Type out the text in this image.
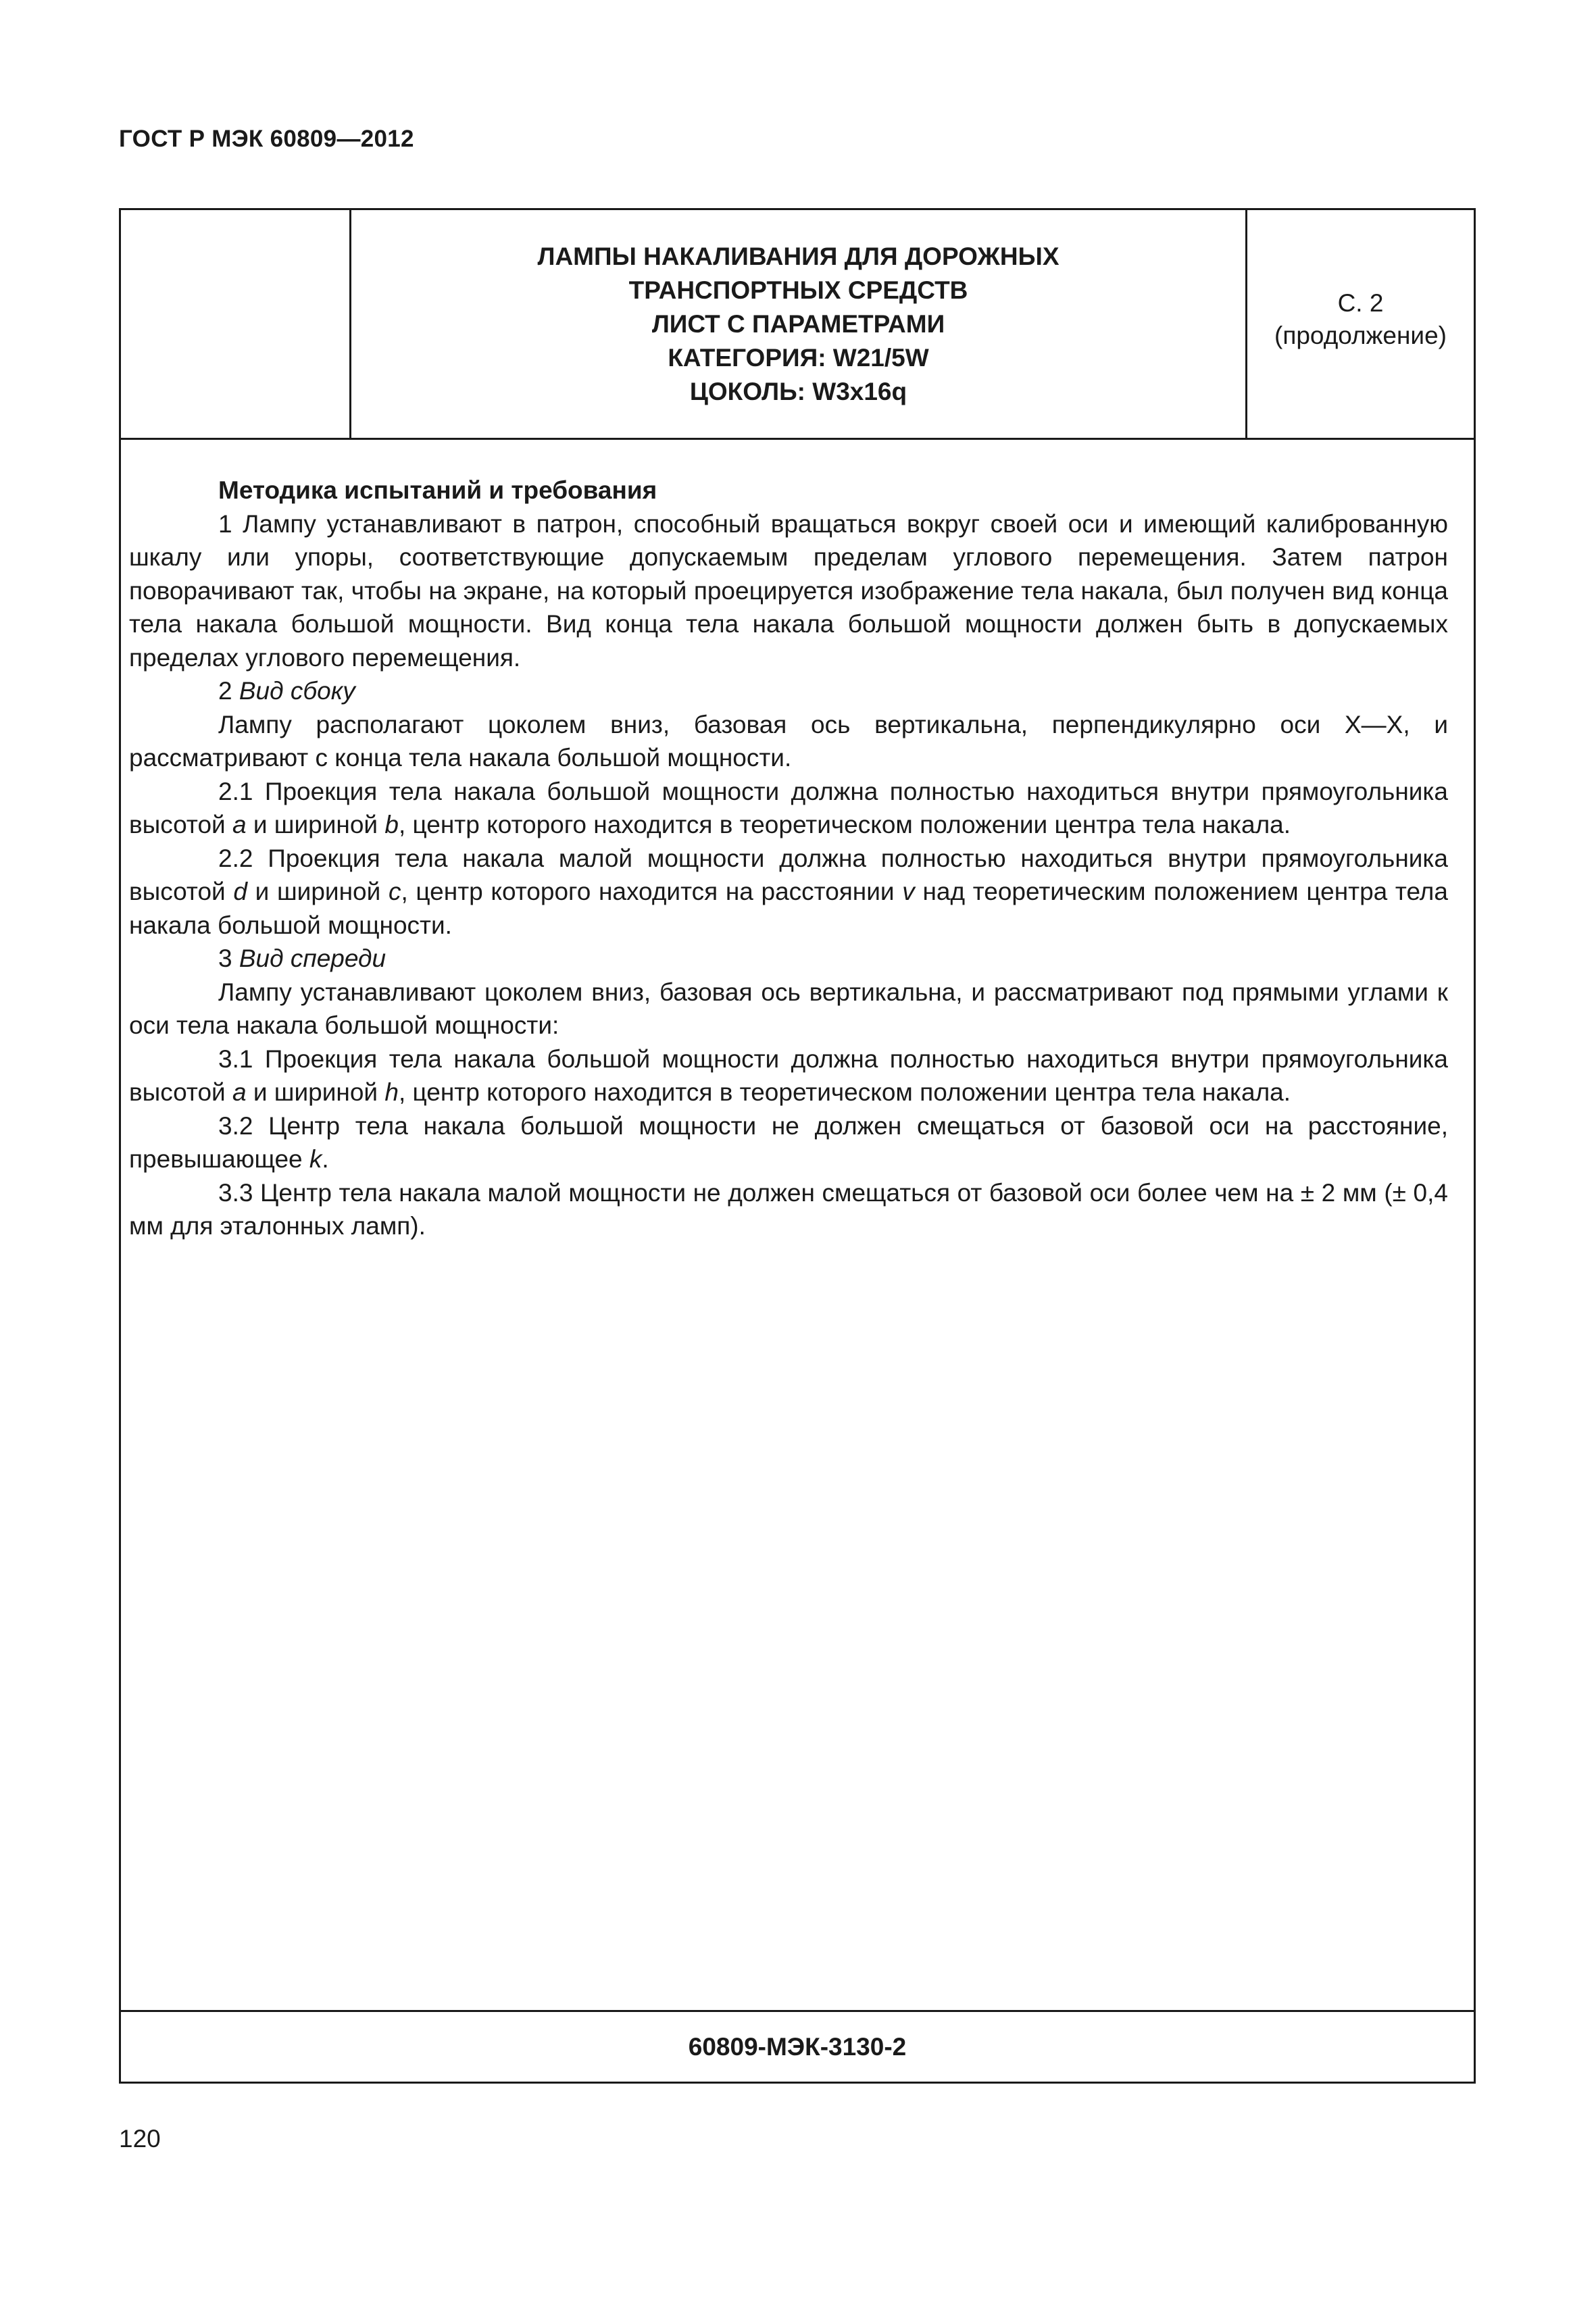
ГОСТ Р МЭК 60809—2012
ЛАМПЫ НАКАЛИВАНИЯ ДЛЯ ДОРОЖНЫХ
ТРАНСПОРТНЫХ СРЕДСТВ
ЛИСТ С ПАРАМЕТРАМИ
КАТЕГОРИЯ: W21/5W
ЦОКОЛЬ: W3x16q
С. 2
(продолжение)

Методика испытаний и требования

1 Лампу устанавливают в патрон, способный вращаться вокруг своей оси и имеющий калиброванную шкалу или упоры, соответствующие допускаемым пределам углового перемещения. Затем патрон поворачивают так, чтобы на экране, на который проецируется изображение тела накала, был получен вид конца тела накала большой мощности. Вид конца тела накала большой мощности должен быть в допускаемых пределах углового перемещения.

2 Вид сбоку

Лампу располагают цоколем вниз, базовая ось вертикальна, перпендикулярно оси X—X, и рассматривают с конца тела накала большой мощности.

2.1 Проекция тела накала большой мощности должна полностью находиться внутри прямоугольника высотой a и шириной b, центр которого находится в теоретическом положении центра тела накала.

2.2 Проекция тела накала малой мощности должна полностью находиться внутри прямоугольника высотой d и шириной c, центр которого находится на расстоянии v над теоретическим положением центра тела накала большой мощности.

3 Вид спереди

Лампу устанавливают цоколем вниз, базовая ось вертикальна, и рассматривают под прямыми углами к оси тела накала большой мощности:

3.1 Проекция тела накала большой мощности должна полностью находиться внутри прямоугольника высотой a и шириной h, центр которого находится в теоретическом положении центра тела накала.

3.2 Центр тела накала большой мощности не должен смещаться от базовой оси на расстояние, превышающее k.

3.3 Центр тела накала малой мощности не должен смещаться от базовой оси более чем на ± 2 мм (± 0,4 мм для эталонных ламп).

60809-МЭК-3130-2
120
